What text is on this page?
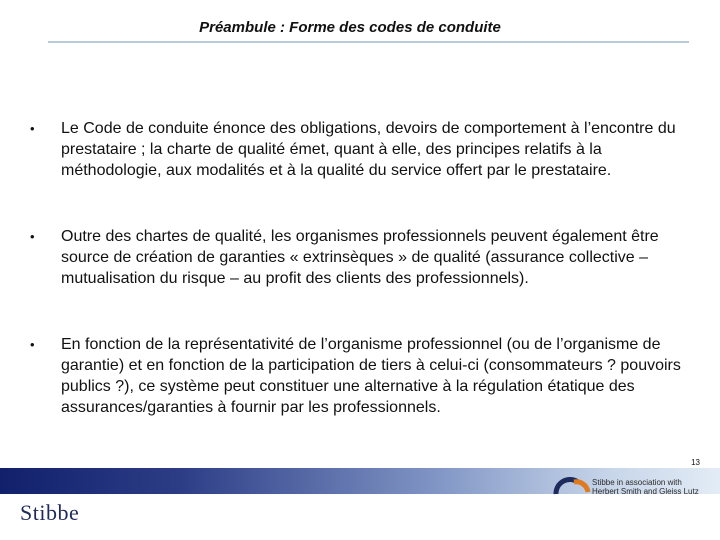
Préambule : Forme des codes de conduite
• Le Code de conduite énonce des obligations, devoirs de comportement à l’encontre du prestataire ; la charte de qualité émet, quant à elle, des principes relatifs à la méthodologie, aux modalités et à la qualité du service offert par le prestataire.

• Outre des chartes de qualité, les organismes professionnels peuvent également être source de création de garanties « extrinsèques » de qualité (assurance collective – mutualisation du risque – au profit des clients des professionnels).

• En fonction de la représentativité de l’organisme professionnel (ou de l’organisme de garantie) et en fonction de la participation de tiers à celui-ci (consommateurs ? pouvoirs publics ?), ce système peut constituer une alternative à la régulation étatique des assurances/garanties à fournir par les professionnels.

13
Stibbe
Stibbe in association with
Herbert Smith and Gleiss Lutz
